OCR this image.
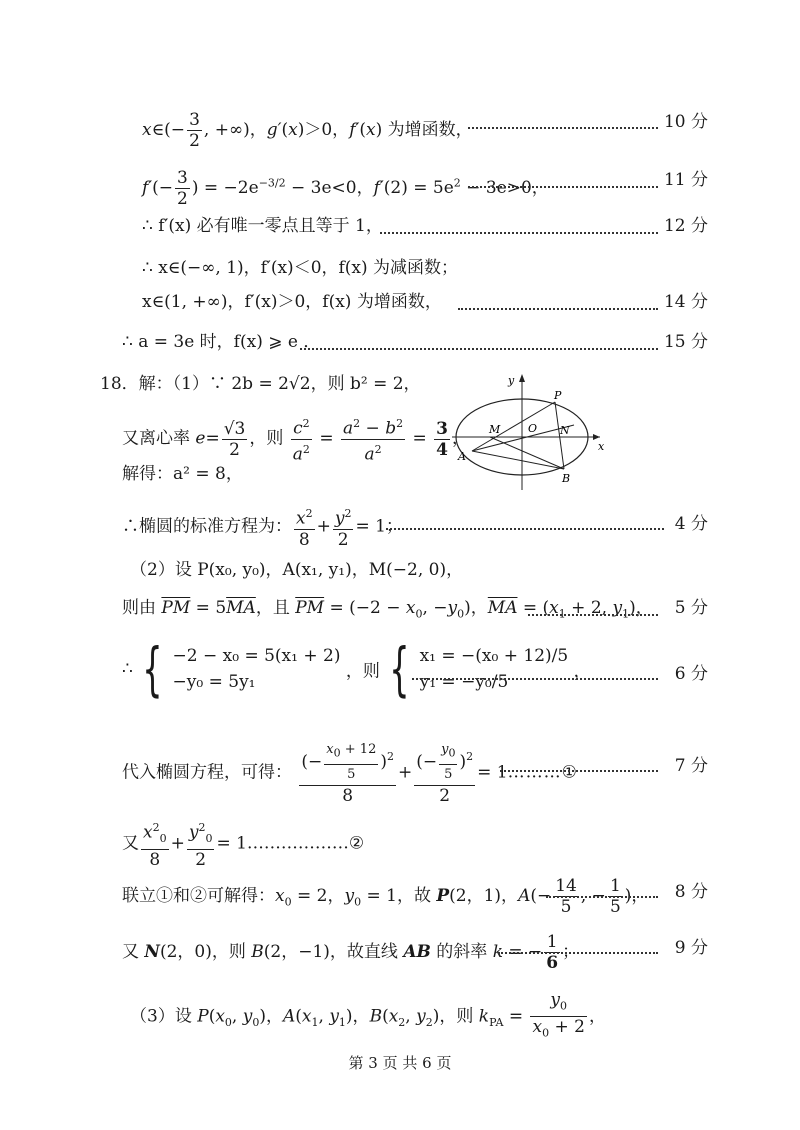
x∈(− $\frac{3}{2}$ , +∞)，g′(x)＞0，f′(x) 为增函数，	10 分
$f'(- \frac{3}{2}$ ) = $-2e^{-3/2} - 3e<0$，$f'(2) = 5e^2 - 3e>0$，	11 分
∴ f′(x) 必有唯一零点且等于 1，	12 分
∴ x∈(−∞, 1)，f′(x)＜0，f(x) 为减函数；
x∈(1, +∞)，f′(x)＞0，f(x) 为增函数，	14 分
∴ a = 3e 时，f(x) ⩾ e ．	15 分
18．解：（1）∵ 2b = 2√2，则 b² = 2，
又离心率 $e= \frac{√3}{2}$ ，则 $\frac{c^2}{a^2} = \frac{a^2 - b^2}{a^2} = \frac{3}{4}$ ，
解得：a² = 8，
y
x
P
M	O N
A
B
∴椭圆的标准方程为： $\frac{x^2}{8} + \frac{y^2}{2} = 1$；	4 分
（2）设 P(x₀, y₀)，A(x₁, y₁)，M(−2, 0)，
则由 $\overline{PM} = 5\overline{MA}$，且 $\overline{PM} = (-2 - x_0$, $-y_0$)，$\overline{MA} = (x_1 + 2$, $y_1$)， 5 分
∴ { −2 − x₀ = 5(x₁ + 2)
−y₀ = 5y₁
，则 { x₁ = −(x₀ + 12)/5
y₁ = −y₀/5
，	6 分
代入椭圆方程，可得： $\frac{(- \frac{x_0 + 12}{5} )^2}{8} + \frac{(- \frac{y_0}{5} )^2}{2}$ = 1………①	7 分
又 $\frac{x^2_0}{8} + \frac{y^2_0}{2}$ = 1………………②
联立①和②可解得：$x_0 = 2$，$y_0 = 1$，故 P(2，1)，$A(- \frac{14}{5}$ , − $\frac{1}{5}$ )， 8 分
又 N(2，0)，则 B(2，−1)，故直线 AB 的斜率 k = − $\frac{1}{6}$ ；	9 分
（3）设 $P(x_0$, $y_0$)，$A(x_1$, $y_1$)，$B(x_2$, $y_2$)，则 $k_{PA} = \frac{y_0}{x_0 + 2}$ ，
第 3 页 共 6 页
